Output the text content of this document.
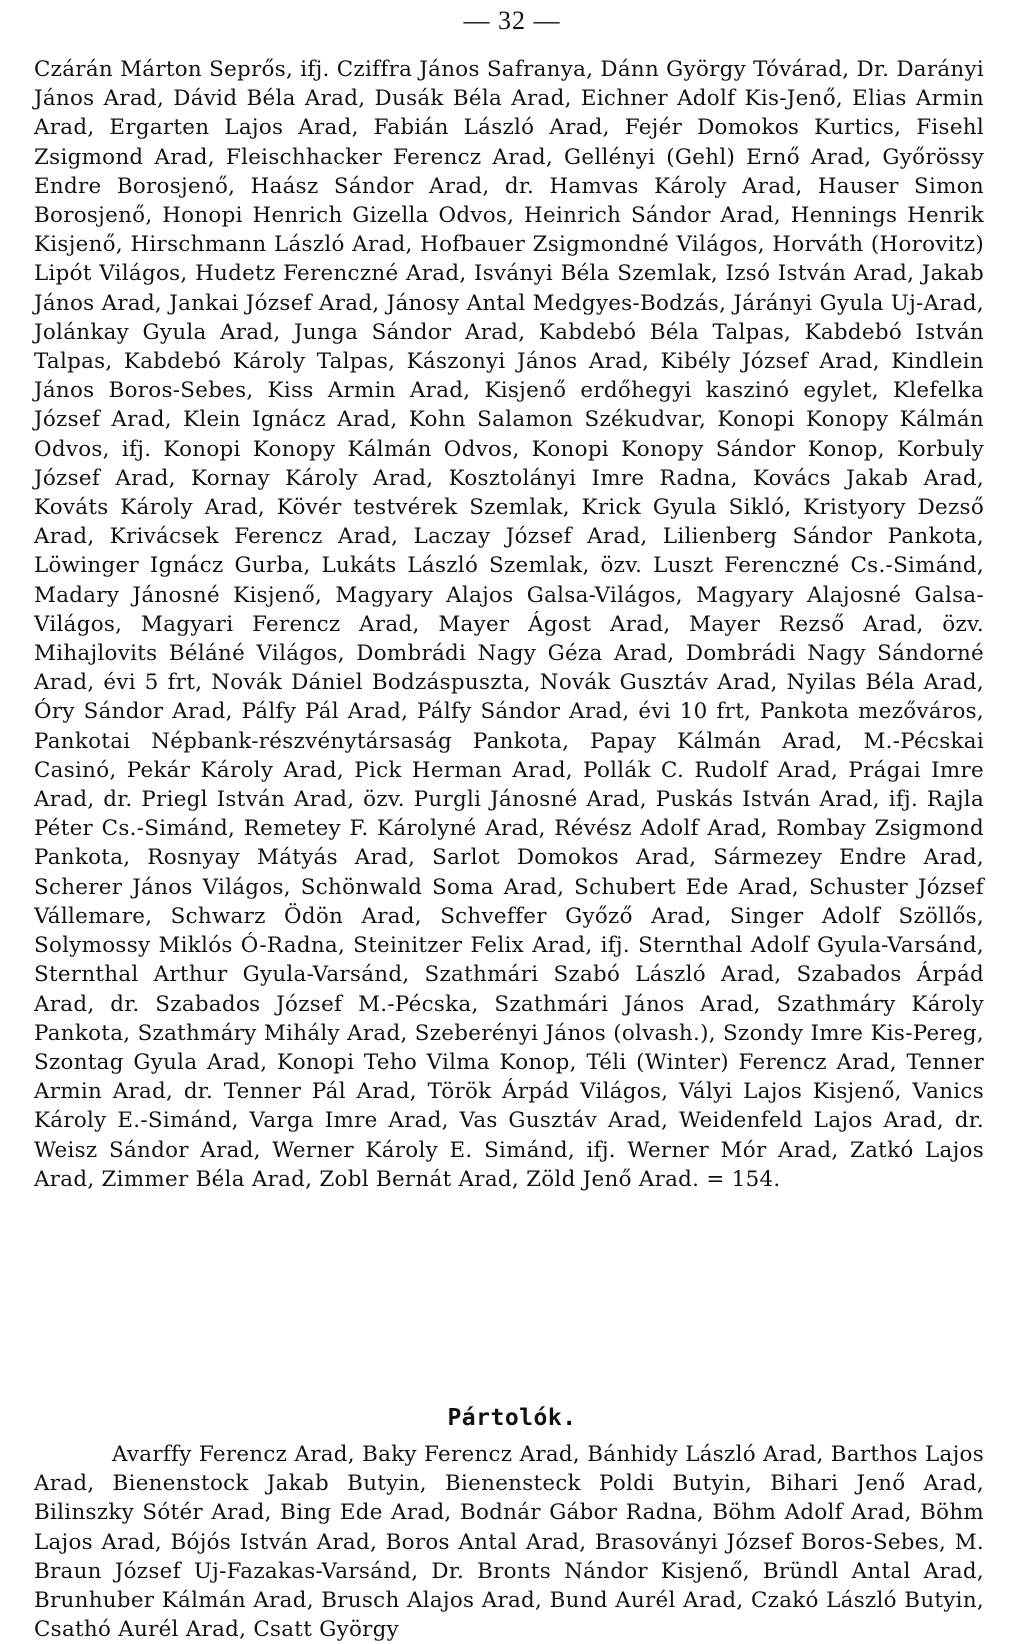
— 32 —

Czárán Márton Seprős, ifj. Cziffra János Safranya, Dánn György Tóvárad, Dr. Darányi János Arad, Dávid Béla Arad, Dusák Béla Arad, Eichner Adolf Kis-Jenő, Elias Armin Arad, Ergarten Lajos Arad, Fabián László Arad, Fejér Domokos Kurtics, Fisehl Zsigmond Arad, Fleischhacker Ferencz Arad, Gellényi (Gehl) Ernő Arad, Győrössy Endre Borosjenő, Haász Sándor Arad, dr. Hamvas Károly Arad, Hauser Simon Borosjenő, Honopi Henrich Gizella Odvos, Heinrich Sándor Arad, Hennings Henrik Kisjenő, Hirschmann László Arad, Hofbauer Zsigmondné Világos, Horváth (Horovitz) Lipót Világos, Hudetz Ferenczné Arad, Isványi Béla Szemlak, Izsó István Arad, Jakab János Arad, Jankai József Arad, Jánosy Antal Medgyes-Bodzás, Járányi Gyula Uj-Arad, Jolánkay Gyula Arad, Junga Sándor Arad, Kabdebó Béla Talpas, Kabdebó István Talpas, Kabdebó Károly Talpas, Kászonyi János Arad, Kibély József Arad, Kindlein János Boros-Sebes, Kiss Armin Arad, Kisjenő erdőhegyi kaszinó egylet, Klefelka József Arad, Klein Ignácz Arad, Kohn Salamon Székudvar, Konopi Konopy Kálmán Odvos, ifj. Konopi Konopy Kálmán Odvos, Konopi Konopy Sándor Konop, Korbuly József Arad, Kornay Károly Arad, Kosztolányi Imre Radna, Kovács Jakab Arad, Kováts Károly Arad, Kövér testvérek Szemlak, Krick Gyula Sikló, Kristyory Dezső Arad, Krivácsek Ferencz Arad, Laczay József Arad, Lilienberg Sándor Pankota, Löwinger Ignácz Gurba, Lukáts László Szemlak, özv. Luszt Ferenczné Cs.-Simánd, Madary Jánosné Kisjenő, Magyary Alajos Galsa-Világos, Magyary Alajosné Galsa-Világos, Magyari Ferencz Arad, Mayer Ágost Arad, Mayer Rezső Arad, özv. Mihajlovits Béláné Világos, Dombrádi Nagy Géza Arad, Dombrádi Nagy Sándorné Arad, évi 5 frt, Novák Dániel Bodzáspuszta, Novák Gusztáv Arad, Nyilas Béla Arad, Óry Sándor Arad, Pálfy Pál Arad, Pálfy Sándor Arad, évi 10 frt, Pankota mezőváros, Pankotai Népbank-részvénytársaság Pankota, Papay Kálmán Arad, M.-Pécskai Casinó, Pekár Károly Arad, Pick Herman Arad, Pollák C. Rudolf Arad, Prágai Imre Arad, dr. Priegl István Arad, özv. Purgli Jánosné Arad, Puskás István Arad, ifj. Rajla Péter Cs.-Simánd, Remetey F. Károlyné Arad, Révész Adolf Arad, Rombay Zsigmond Pankota, Rosnyay Mátyás Arad, Sarlot Domokos Arad, Sármezey Endre Arad, Scherer János Világos, Schönwald Soma Arad, Schubert Ede Arad, Schuster József Vállemare, Schwarz Ödön Arad, Schveffer Győző Arad, Singer Adolf Szöllős, Solymossy Miklós Ó-Radna, Steinitzer Felix Arad, ifj. Sternthal Adolf Gyula-Varsánd, Sternthal Arthur Gyula-Varsánd, Szathmári Szabó László Arad, Szabados Árpád Arad, dr. Szabados József M.-Pécska, Szathmári János Arad, Szathmáry Károly Pankota, Szathmáry Mihály Arad, Szeberényi János (olvash.), Szondy Imre Kis-Pereg, Szontag Gyula Arad, Konopi Teho Vilma Konop, Téli (Winter) Ferencz Arad, Tenner Armin Arad, dr. Tenner Pál Arad, Török Árpád Világos, Vályi Lajos Kisjenő, Vanics Károly E.-Simánd, Varga Imre Arad, Vas Gusztáv Arad, Weidenfeld Lajos Arad, dr. Weisz Sándor Arad, Werner Károly E. Simánd, ifj. Werner Mór Arad, Zatkó Lajos Arad, Zimmer Béla Arad, Zobl Bernát Arad, Zöld Jenő Arad. = 154.

Pártolók.

Avarffy Ferencz Arad, Baky Ferencz Arad, Bánhidy László Arad, Barthos Lajos Arad, Bienenstock Jakab Butyin, Bienensteck Poldi Butyin, Bihari Jenő Arad, Bilinszky Sótér Arad, Bing Ede Arad, Bodnár Gábor Radna, Böhm Adolf Arad, Böhm Lajos Arad, Bójós István Arad, Boros Antal Arad, Brasoványi József Boros-Sebes, M. Braun József Uj-Fazakas-Varsánd, Dr. Bronts Nándor Kisjenő, Bründl Antal Arad, Brunhuber Kálmán Arad, Brusch Alajos Arad, Bund Aurél Arad, Czakó László Butyin, Csathó Aurél Arad, Csatt György
